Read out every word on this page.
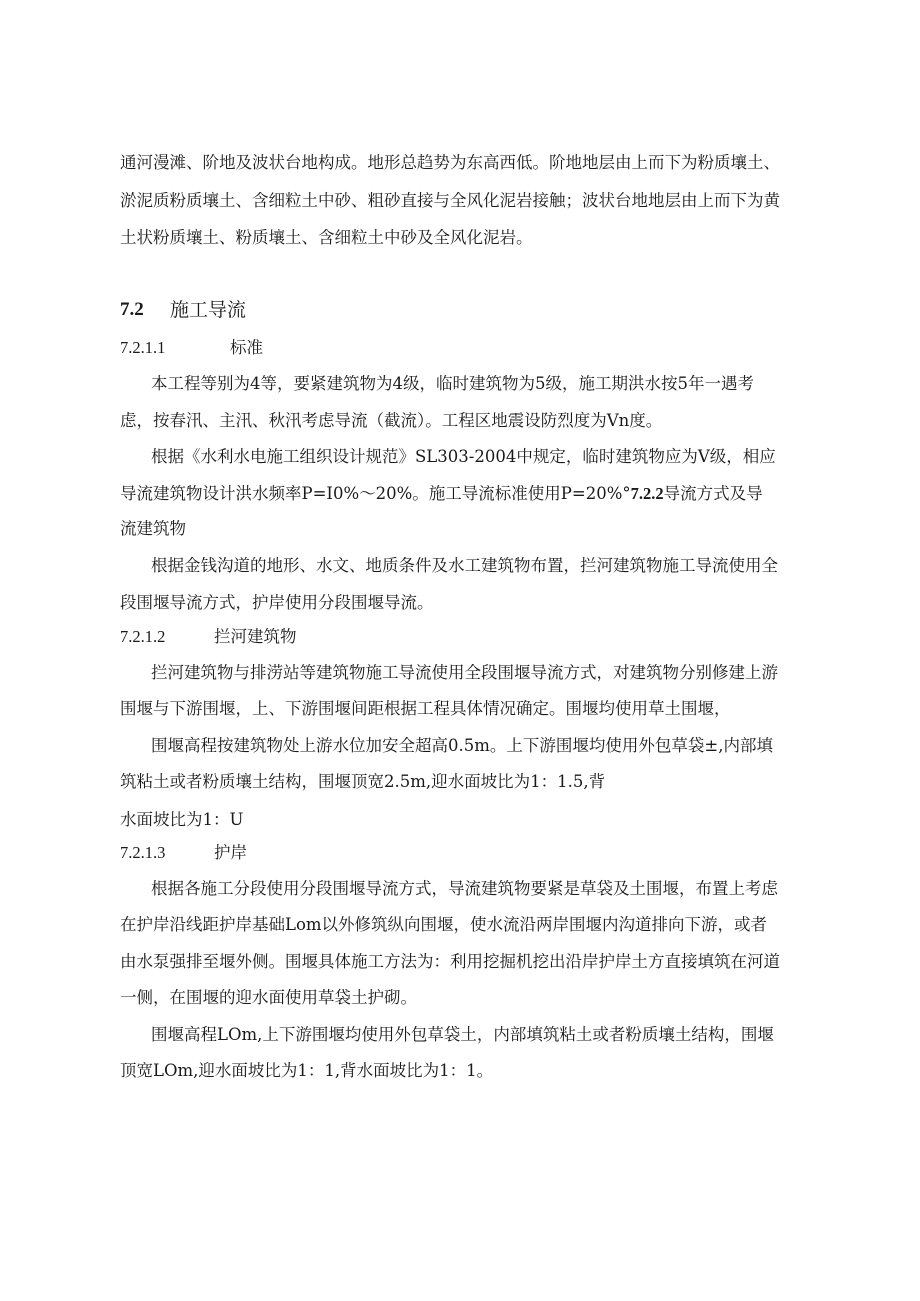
通河漫滩、阶地及波状台地构成。地形总趋势为东高西低。阶地地层由上而下为粉质壤土、
淤泥质粉质壤土、含细粒土中砂、粗砂直接与全风化泥岩接触；波状台地地层由上而下为黄
土状粉质壤土、粉质壤土、含细粒土中砂及全风化泥岩。
7.2 施工导流
7.2.1.1	标准
本工程等别为4等，要紧建筑物为4级，临时建筑物为5级，施工期洪水按5年一遇考
虑，按春汛、主汛、秋汛考虑导流（截流）。工程区地震设防烈度为Vn度。
根据《水利水电施工组织设计规范》SL303-2004中规定，临时建筑物应为V级，相应
导流建筑物设计洪水频率P=I0%～20%。施工导流标准使用P=20%°7.2.2导流方式及导
流建筑物
根据金钱沟道的地形、水文、地质条件及水工建筑物布置，拦河建筑物施工导流使用全
段围堰导流方式，护岸使用分段围堰导流。
7.2.1.2	拦河建筑物
拦河建筑物与排涝站等建筑物施工导流使用全段围堰导流方式，对建筑物分别修建上游
围堰与下游围堰，上、下游围堰间距根据工程具体情况确定。围堰均使用草土围堰，
围堰高程按建筑物处上游水位加安全超高0.5m。上下游围堰均使用外包草袋±,内部填
筑粘土或者粉质壤土结构，围堰顶宽2.5m,迎水面坡比为1：1.5,背
水面坡比为1：U
7.2.1.3	护岸
根据各施工分段使用分段围堰导流方式，导流建筑物要紧是草袋及土围堰，布置上考虑
在护岸沿线距护岸基础Lom以外修筑纵向围堰，使水流沿两岸围堰内沟道排向下游，或者
由水泵强排至堰外侧。围堰具体施工方法为：利用挖掘机挖出沿岸护岸土方直接填筑在河道
一侧，在围堰的迎水面使用草袋土护砌。
围堰高程LOm,上下游围堰均使用外包草袋土，内部填筑粘土或者粉质壤土结构，围堰
顶宽LOm,迎水面坡比为1：1,背水面坡比为1：1。
